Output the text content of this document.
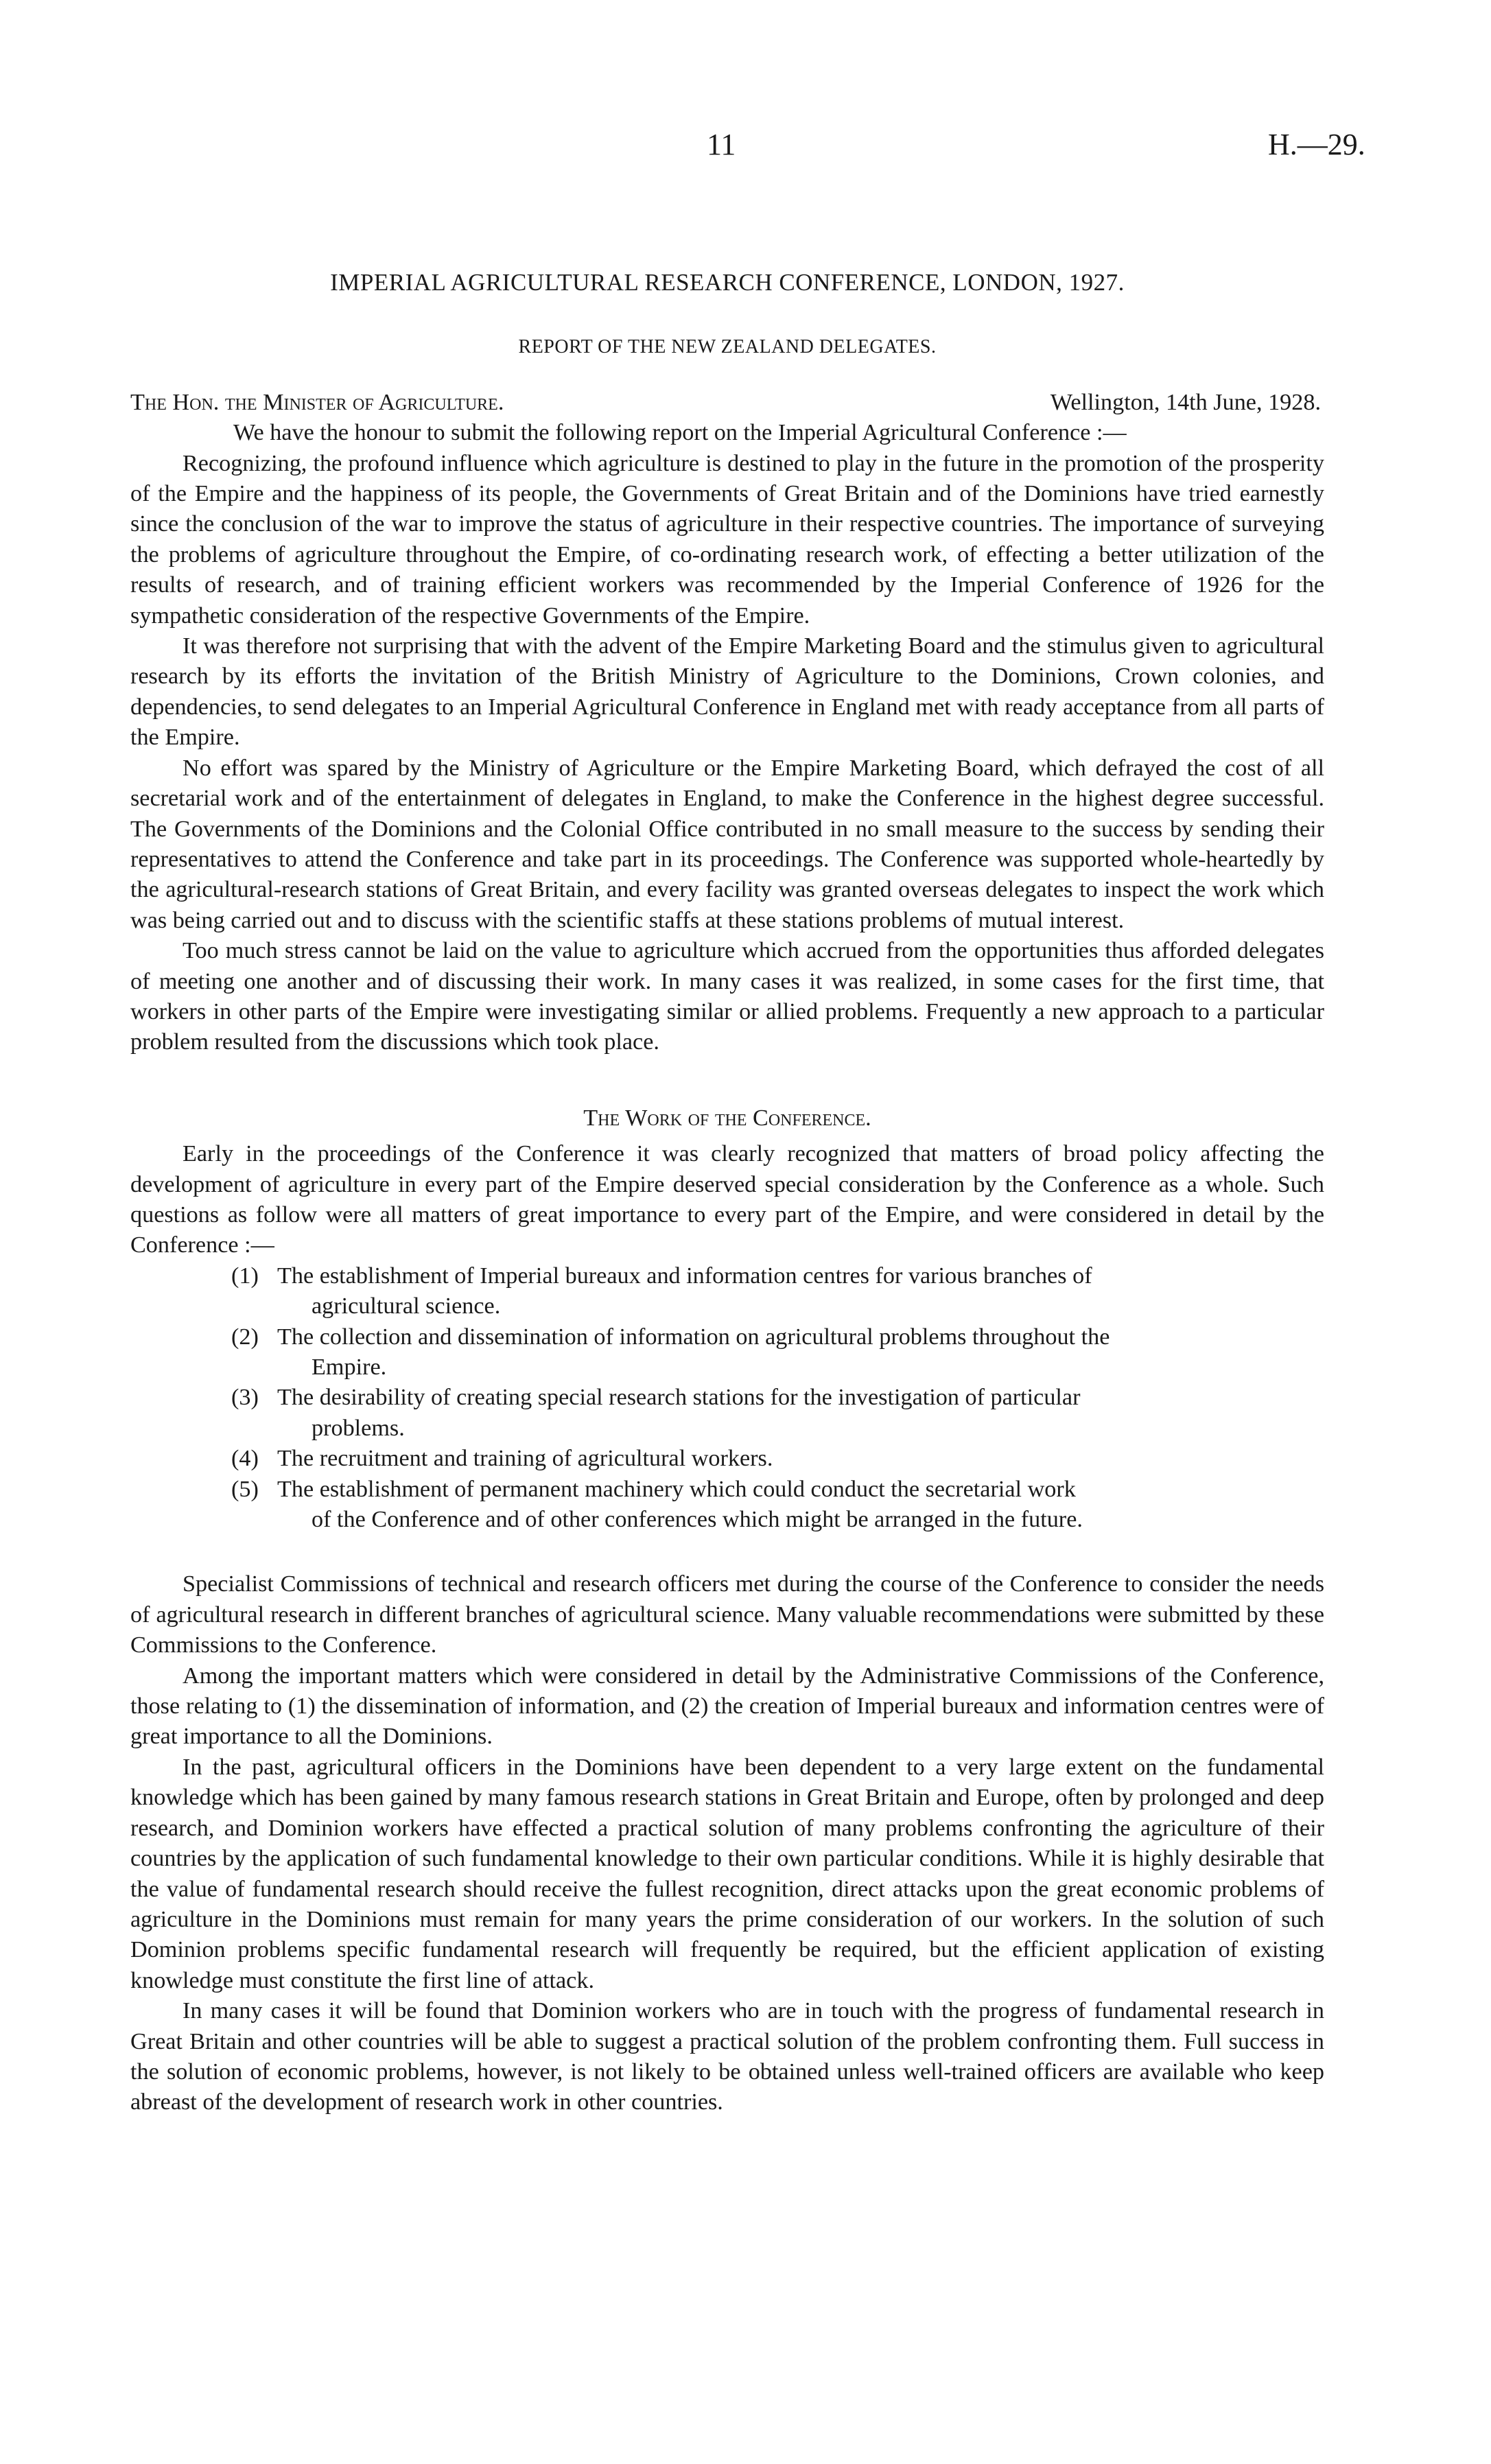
11	H.—29.
IMPERIAL AGRICULTURAL RESEARCH CONFERENCE, LONDON, 1927.
REPORT OF THE NEW ZEALAND DELEGATES.
The Hon. the Minister of Agriculture.	Wellington, 14th June, 1928.

We have the honour to submit the following report on the Imperial Agricultural Conference :—

Recognizing, the profound influence which agriculture is destined to play in the future in the promotion of the prosperity of the Empire and the happiness of its people, the Governments of Great Britain and of the Dominions have tried earnestly since the conclusion of the war to improve the status of agriculture in their respective countries. The importance of surveying the problems of agriculture throughout the Empire, of co-ordinating research work, of effecting a better utilization of the results of research, and of training efficient workers was recommended by the Imperial Conference of 1926 for the sympathetic consideration of the respective Governments of the Empire.

It was therefore not surprising that with the advent of the Empire Marketing Board and the stimulus given to agricultural research by its efforts the invitation of the British Ministry of Agriculture to the Dominions, Crown colonies, and dependencies, to send delegates to an Imperial Agricultural Conference in England met with ready acceptance from all parts of the Empire.

No effort was spared by the Ministry of Agriculture or the Empire Marketing Board, which defrayed the cost of all secretarial work and of the entertainment of delegates in England, to make the Conference in the highest degree successful. The Governments of the Dominions and the Colonial Office contributed in no small measure to the success by sending their representatives to attend the Conference and take part in its proceedings. The Conference was supported whole-heartedly by the agricultural-research stations of Great Britain, and every facility was granted overseas delegates to inspect the work which was being carried out and to discuss with the scientific staffs at these stations problems of mutual interest.

Too much stress cannot be laid on the value to agriculture which accrued from the opportunities thus afforded delegates of meeting one another and of discussing their work. In many cases it was realized, in some cases for the first time, that workers in other parts of the Empire were investigating similar or allied problems. Frequently a new approach to a particular problem resulted from the discussions which took place.

The Work of the Conference.

Early in the proceedings of the Conference it was clearly recognized that matters of broad policy affecting the development of agriculture in every part of the Empire deserved special consideration by the Conference as a whole. Such questions as follow were all matters of great importance to every part of the Empire, and were considered in detail by the Conference :—

(1) The establishment of Imperial bureaux and information centres for various branches of
agricultural science.
(2) The collection and dissemination of information on agricultural problems throughout the
Empire.
(3) The desirability of creating special research stations for the investigation of particular
problems.
(4) The recruitment and training of agricultural workers.
(5) The establishment of permanent machinery which could conduct the secretarial work
of the Conference and of other conferences which might be arranged in the future.

Specialist Commissions of technical and research officers met during the course of the Conference to consider the needs of agricultural research in different branches of agricultural science. Many valuable recommendations were submitted by these Commissions to the Conference.

Among the important matters which were considered in detail by the Administrative Commissions of the Conference, those relating to (1) the dissemination of information, and (2) the creation of Imperial bureaux and information centres were of great importance to all the Dominions.

In the past, agricultural officers in the Dominions have been dependent to a very large extent on the fundamental knowledge which has been gained by many famous research stations in Great Britain and Europe, often by prolonged and deep research, and Dominion workers have effected a practical solution of many problems confronting the agriculture of their countries by the application of such fundamental knowledge to their own particular conditions. While it is highly desirable that the value of fundamental research should receive the fullest recognition, direct attacks upon the great economic problems of agriculture in the Dominions must remain for many years the prime consideration of our workers. In the solution of such Dominion problems specific fundamental research will frequently be required, but the efficient application of existing knowledge must constitute the first line of attack.

In many cases it will be found that Dominion workers who are in touch with the progress of fundamental research in Great Britain and other countries will be able to suggest a practical solution of the problem confronting them. Full success in the solution of economic problems, however, is not likely to be obtained unless well-trained officers are available who keep abreast of the development of research work in other countries.
